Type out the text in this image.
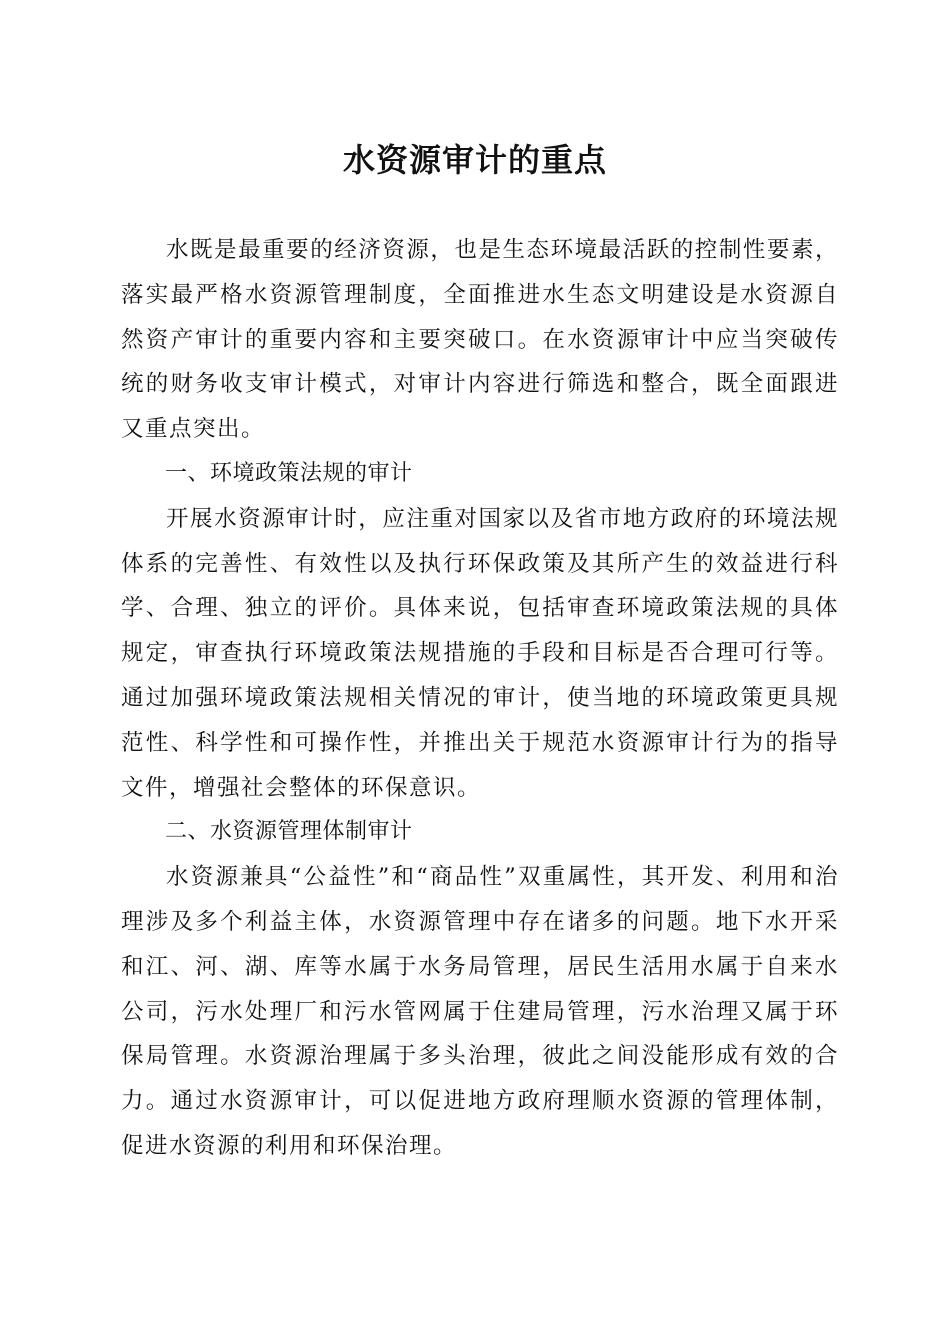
水资源审计的重点

水既是最重要的经济资源，也是生态环境最活跃的控制性要素，落实最严格水资源管理制度，全面推进水生态文明建设是水资源自然资产审计的重要内容和主要突破口。在水资源审计中应当突破传统的财务收支审计模式，对审计内容进行筛选和整合，既全面跟进又重点突出。

一、环境政策法规的审计

开展水资源审计时，应注重对国家以及省市地方政府的环境法规体系的完善性、有效性以及执行环保政策及其所产生的效益进行科学、合理、独立的评价。具体来说，包括审查环境政策法规的具体规定，审查执行环境政策法规措施的手段和目标是否合理可行等。通过加强环境政策法规相关情况的审计，使当地的环境政策更具规范性、科学性和可操作性，并推出关于规范水资源审计行为的指导文件，增强社会整体的环保意识。

二、水资源管理体制审计

水资源兼具“公益性”和“商品性”双重属性，其开发、利用和治理涉及多个利益主体，水资源管理中存在诸多的问题。地下水开采和江、河、湖、库等水属于水务局管理，居民生活用水属于自来水公司，污水处理厂和污水管网属于住建局管理，污水治理又属于环保局管理。水资源治理属于多头治理，彼此之间没能形成有效的合力。通过水资源审计，可以促进地方政府理顺水资源的管理体制，促进水资源的利用和环保治理。
